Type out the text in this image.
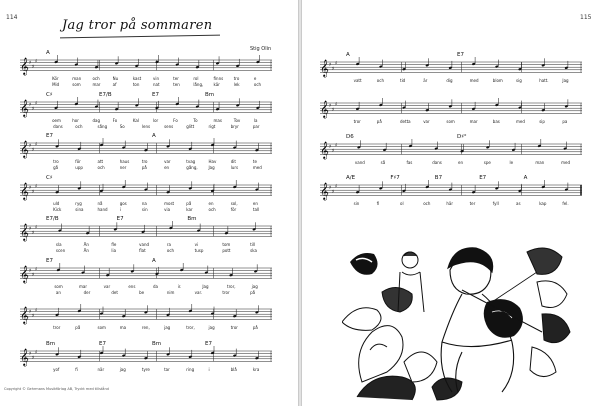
114
Jag tror på sommaren
Stig Olin
𝄞 ♯
♯
♯
A
Kör	man	och	Nu	kast	vin	ter	rol	finns	tro	e
Mid	som	mar	af	ton	nat	ten	lång,	kär	lek	och
𝄞 ♯
♯
♯
C♯	E7/B	E7	Bm
oem	hor	dag	Fo	Kal	lor	Fo	To	mas	Tov	la
dans	och	sång	So	lens	sens	glitt	rigt	bryr	par
𝄞 ♯
♯
♯
E7	A
tro	för	att	haus	tro	var	tvag	Hav	dit	te
gå	upp	och	ner	på	en	gång,	Jag	lurs	med
𝄞 ♯
♯
♯
C♯
uld	ryg	nå	gos	na	most	på	en	sol,	en
Kick	sina	hand	i	sin	via	kar	och	för	tall
𝄞 ♯
♯
♯
E7/B	E7	Bm
sla	Än	fle	vand	ra	vi	tom	till
scen	Än	lia	flat	och	tusp	pott	ska
𝄞 ♯
♯
♯
E7	A
som	mar	var	ens	da	ir.	Jag	tror,	jag
an	der	det	be	nim	var.	tror	på
𝄞 ♯
♯
♯
tror	på	som	ma	ren,	jag	tror,	jag	tror	på
𝄞 ♯
♯
♯
Bm	E7	Bm	E7
yof	fi	när	jag	tyre	tar	ring	i	blå	kra
Copyright © Gehrmans Musikförlag AB, Tryckt med tillstånd
115
𝄞 ♯
♯
♯
A	E7
vatt	och	tid	är	dig	med	blom	sig	hatt.	Jag
𝄞 ♯
♯
♯
tror	på	detta	var	som	mar	bas	med	sip	pa
𝄞 ♯
♯
♯
D6	D♯°
vand	så	fas	dans	en	spe	le	man	med
𝄞 ♯
♯
♯
A/E	F♯7	B7	E7	A
sin	fi	ol	och	här	ter	fyll	as	kap	fel.
